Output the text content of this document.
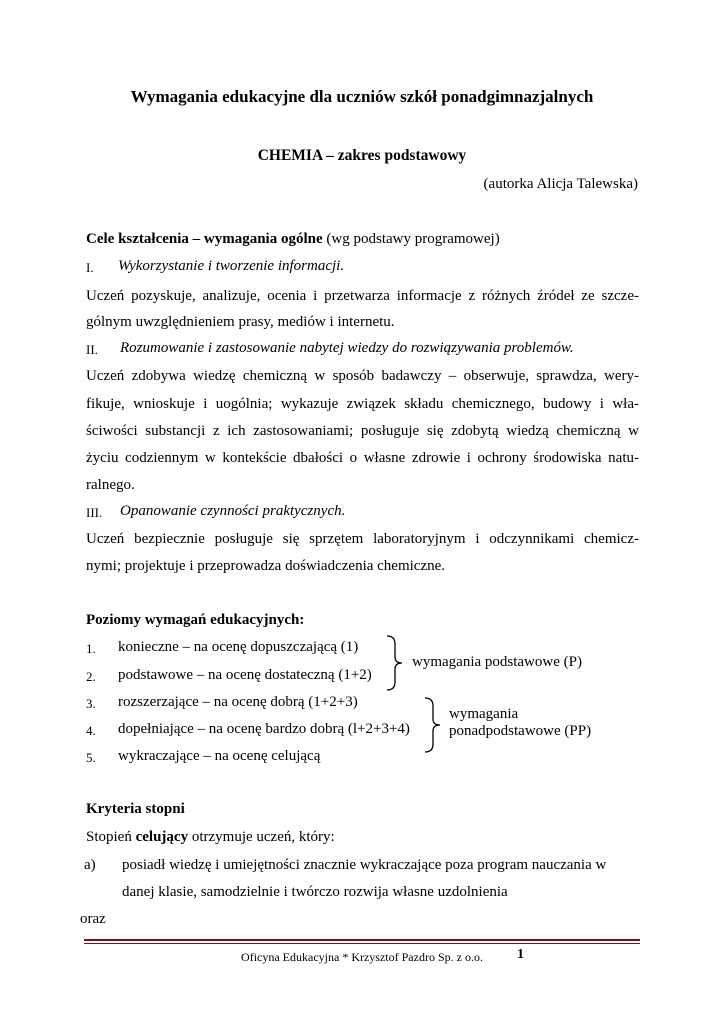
Wymagania edukacyjne dla uczniów szkół ponadgimnazjalnych
CHEMIA – zakres podstawowy
(autorka Alicja Talewska)
Cele kształcenia – wymagania ogólne (wg podstawy programowej)
I. Wykorzystanie i tworzenie informacji.
Uczeń pozyskuje, analizuje, ocenia i przetwarza informacje z różnych źródeł ze szcze-
gólnym uwzględnieniem prasy, mediów i internetu.
II. Rozumowanie i zastosowanie nabytej wiedzy do rozwiązywania problemów.
Uczeń zdobywa wiedzę chemiczną w sposób badawczy – obserwuje, sprawdza, wery-
fikuje, wnioskuje i uogólnia; wykazuje związek składu chemicznego, budowy i wła-
ściwości substancji z ich zastosowaniami; posługuje się zdobytą wiedzą chemiczną w
życiu codziennym w kontekście dbałości o własne zdrowie i ochrony środowiska natu-
ralnego.
III. Opanowanie czynności praktycznych.
Uczeń bezpiecznie posługuje się sprzętem laboratoryjnym i odczynnikami chemicz-
nymi; projektuje i przeprowadza doświadczenia chemiczne.
Poziomy wymagań edukacyjnych:
1. konieczne – na ocenę dopuszczającą (1)
2. podstawowe – na ocenę dostateczną (1+2)
3. rozszerzające – na ocenę dobrą (1+2+3)
4. dopełniające – na ocenę bardzo dobrą (l+2+3+4)
5. wykraczające – na ocenę celującą
wymagania podstawowe (P)
wymagania
ponadpodstawowe (PP)
Kryteria stopni
Stopień celujący otrzymuje uczeń, który:
a) posiadł wiedzę i umiejętności znacznie wykraczające poza program nauczania w
danej klasie, samodzielnie i twórczo rozwija własne uzdolnienia
oraz
Oficyna Edukacyjna * Krzysztof Pazdro Sp. z o.o.	1
